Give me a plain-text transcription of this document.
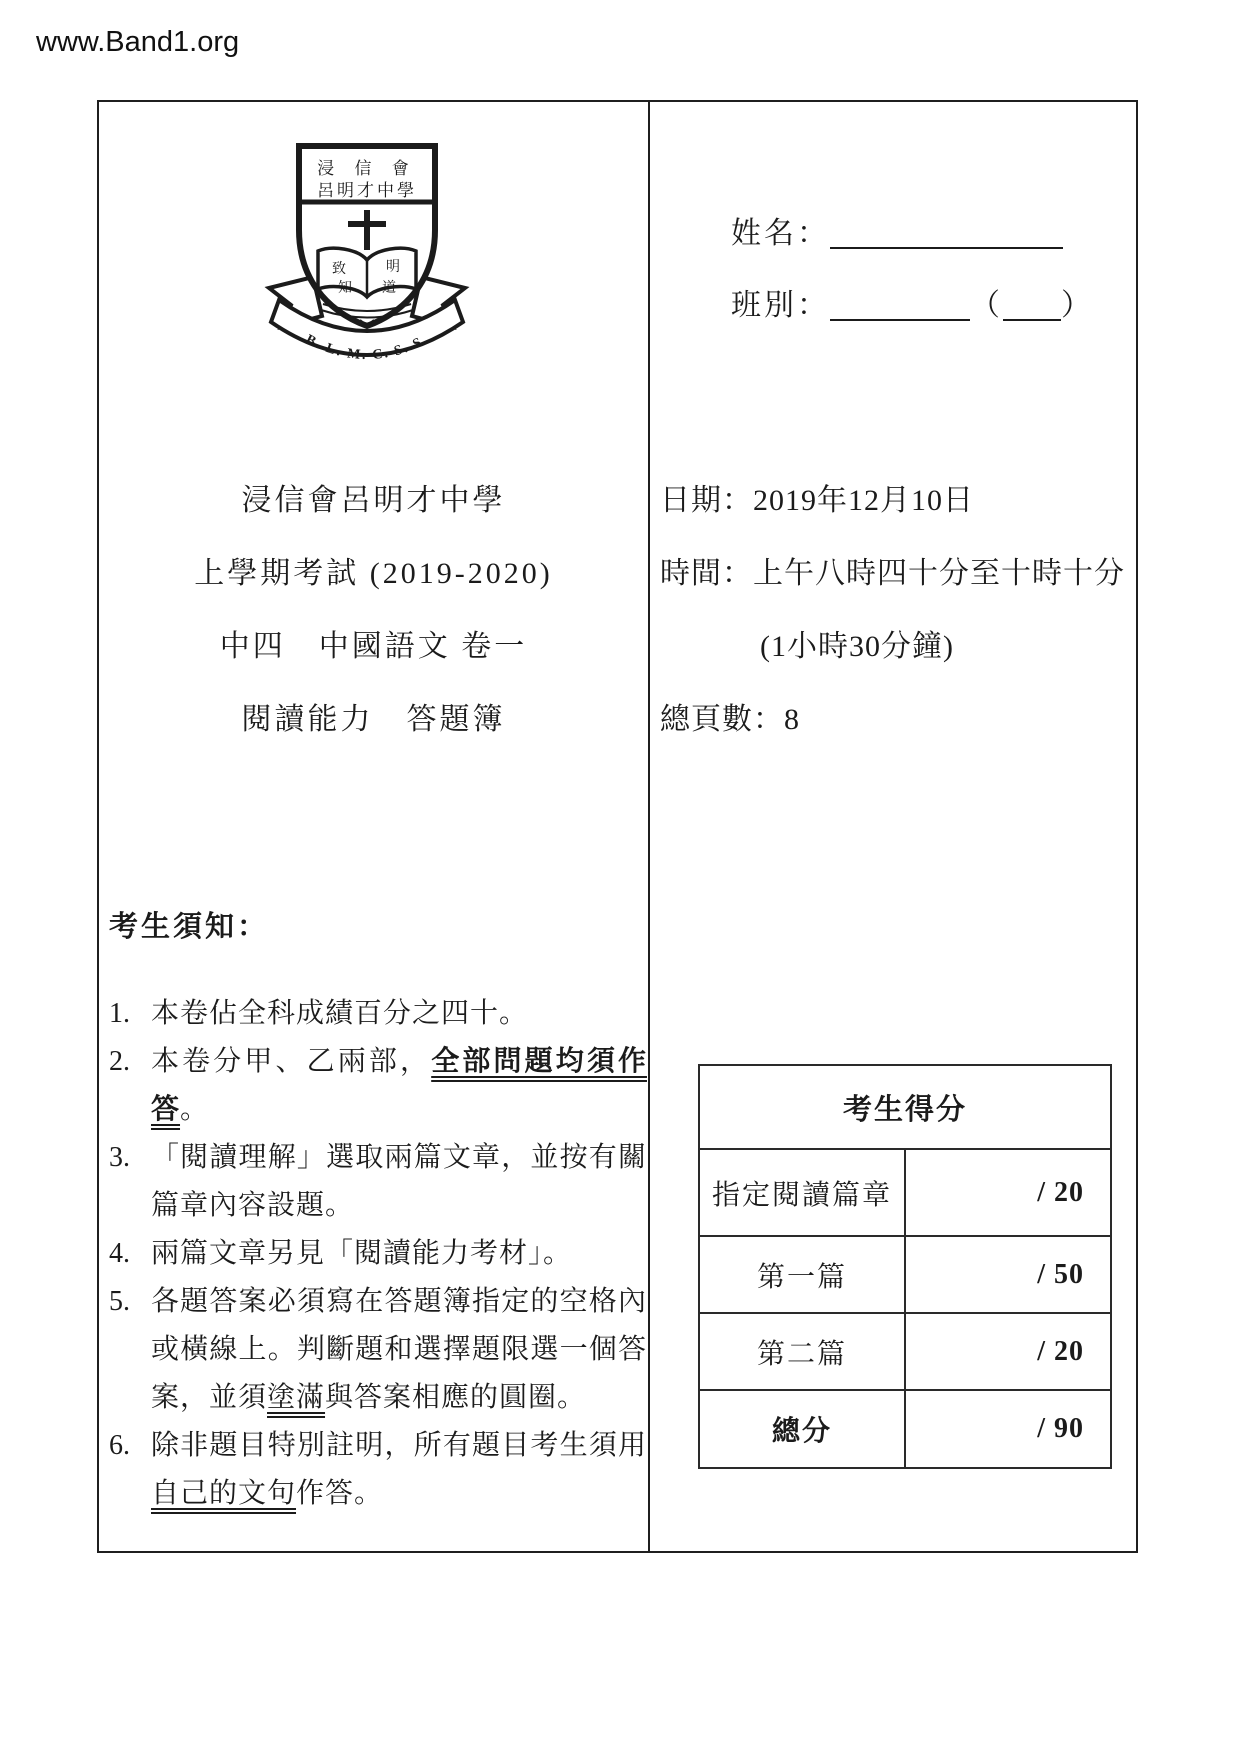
www.Band1.org
B. L. M. C. S. S.
浸 信 會
呂明才中學
致
知
明
道
姓名：
班別：	（ ）
浸信會呂明才中學
上學期考試 (2019-2020)
中四　中國語文 卷一
閱讀能力　答題簿
日期：2019年12月10日
時間：上午八時四十分至十時十分
(1小時30分鐘)
總頁數：8
考生須知：
1. 本卷佔全科成績百分之四十。
2. 本卷分甲、乙兩部，全部問題均須作答。
3. 「閱讀理解」選取兩篇文章，並按有關篇章內容設題。
4. 兩篇文章另見「閱讀能力考材」。
5. 各題答案必須寫在答題簿指定的空格內或橫線上。判斷題和選擇題限選一個答案，並須塗滿與答案相應的圓圈。
6. 除非題目特別註明，所有題目考生須用自己的文句作答。
考生得分	
指定閱讀篇章	/ 20
第一篇	/ 50
第二篇	/ 20
總分	/ 90
